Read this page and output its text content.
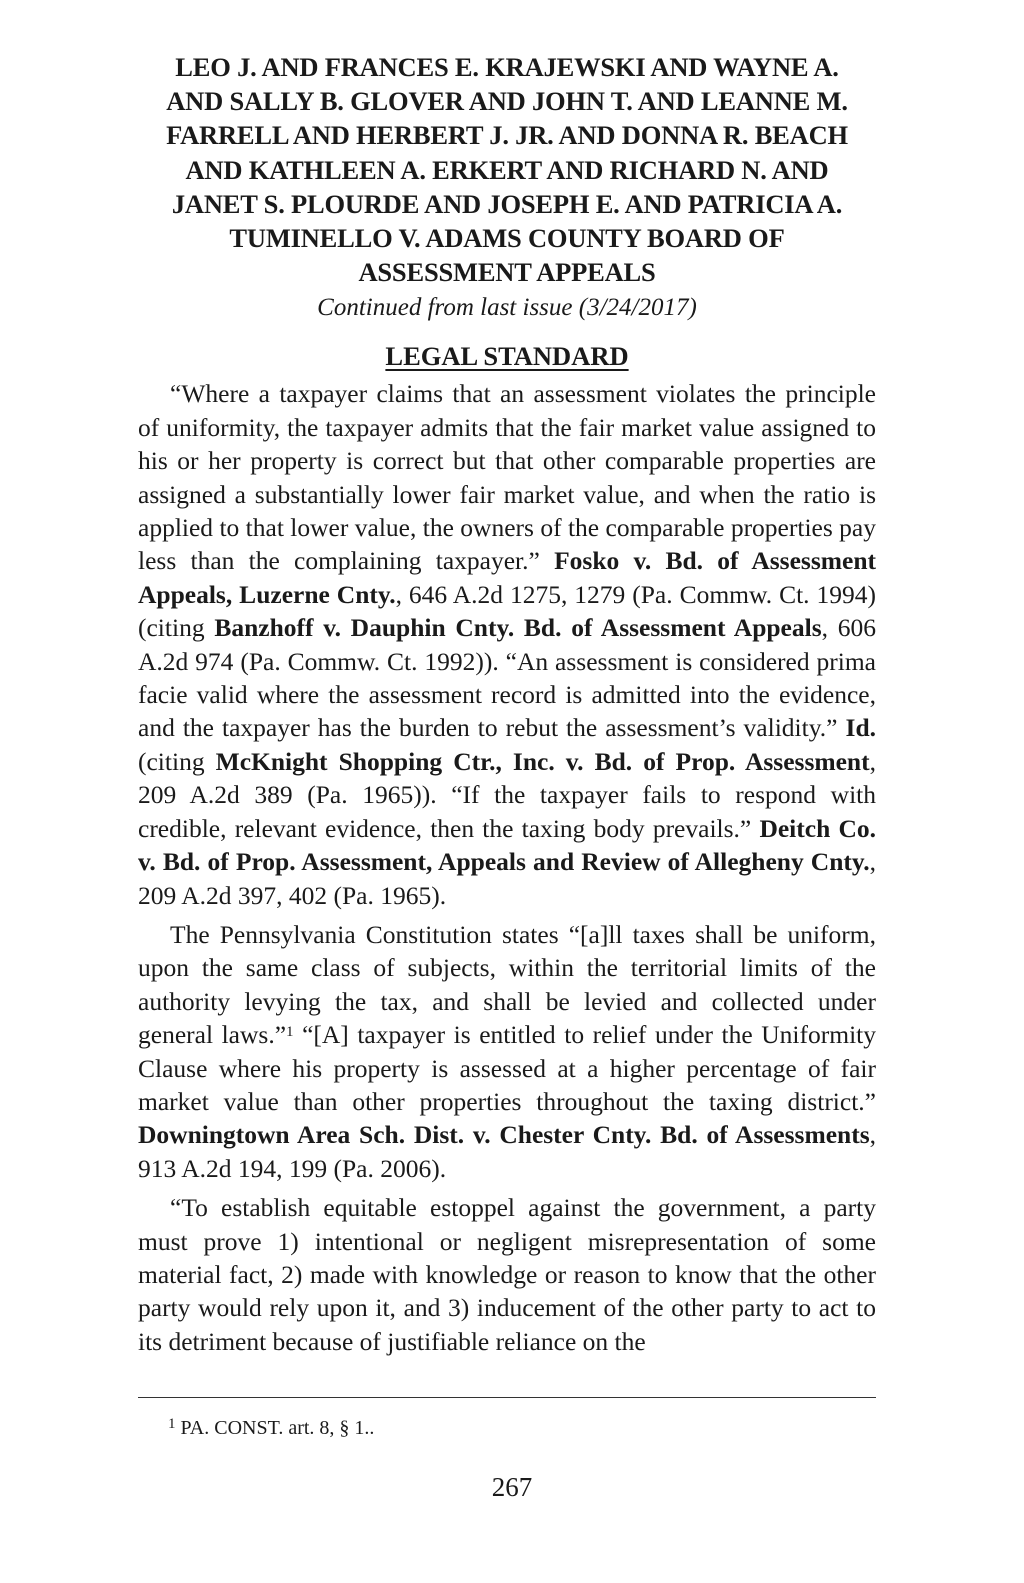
LEO J. AND FRANCES E. KRAJEWSKI AND WAYNE A.
AND SALLY B. GLOVER AND JOHN T. AND LEANNE M.
FARRELL AND HERBERT J. JR. AND DONNA R. BEACH
AND KATHLEEN A. ERKERT AND RICHARD N. AND
JANET S. PLOURDE AND JOSEPH E. AND PATRICIA A.
TUMINELLO V. ADAMS COUNTY BOARD OF
ASSESSMENT APPEALS

Continued from last issue (3/24/2017)

LEGAL STANDARD

“Where a taxpayer claims that an assessment violates the principle of uniformity, the taxpayer admits that the fair market value assigned to his or her property is correct but that other comparable properties are assigned a substantially lower fair market value, and when the ratio is applied to that lower value, the owners of the comparable properties pay less than the complaining taxpayer.” Fosko v. Bd. of Assessment Appeals, Luzerne Cnty., 646 A.2d 1275, 1279 (Pa. Commw. Ct. 1994) (citing Banzhoff v. Dauphin Cnty. Bd. of Assessment Appeals, 606 A.2d 974 (Pa. Commw. Ct. 1992)). “An assessment is considered prima facie valid where the assessment record is admitted into the evidence, and the taxpayer has the burden to rebut the assessment’s validity.” Id. (citing McKnight Shopping Ctr., Inc. v. Bd. of Prop. Assessment, 209 A.2d 389 (Pa. 1965)). “If the taxpayer fails to respond with credible, relevant evidence, then the taxing body prevails.” Deitch Co. v. Bd. of Prop. Assessment, Appeals and Review of Allegheny Cnty., 209 A.2d 397, 402 (Pa. 1965).

The Pennsylvania Constitution states “[a]ll taxes shall be uniform, upon the same class of subjects, within the territorial limits of the authority levying the tax, and shall be levied and collected under general laws.”$^1$ “[A] taxpayer is entitled to relief under the Uniformity Clause where his property is assessed at a higher percentage of fair market value than other properties throughout the taxing district.” Downingtown Area Sch. Dist. v. Chester Cnty. Bd. of Assessments, 913 A.2d 194, 199 (Pa. 2006).

“To establish equitable estoppel against the government, a party must prove 1) intentional or negligent misrepresentation of some material fact, 2) made with knowledge or reason to know that the other party would rely upon it, and 3) inducement of the other party to act to its detriment because of justifiable reliance on the

$^1$ PA. CONST. art. 8, § 1..
267
